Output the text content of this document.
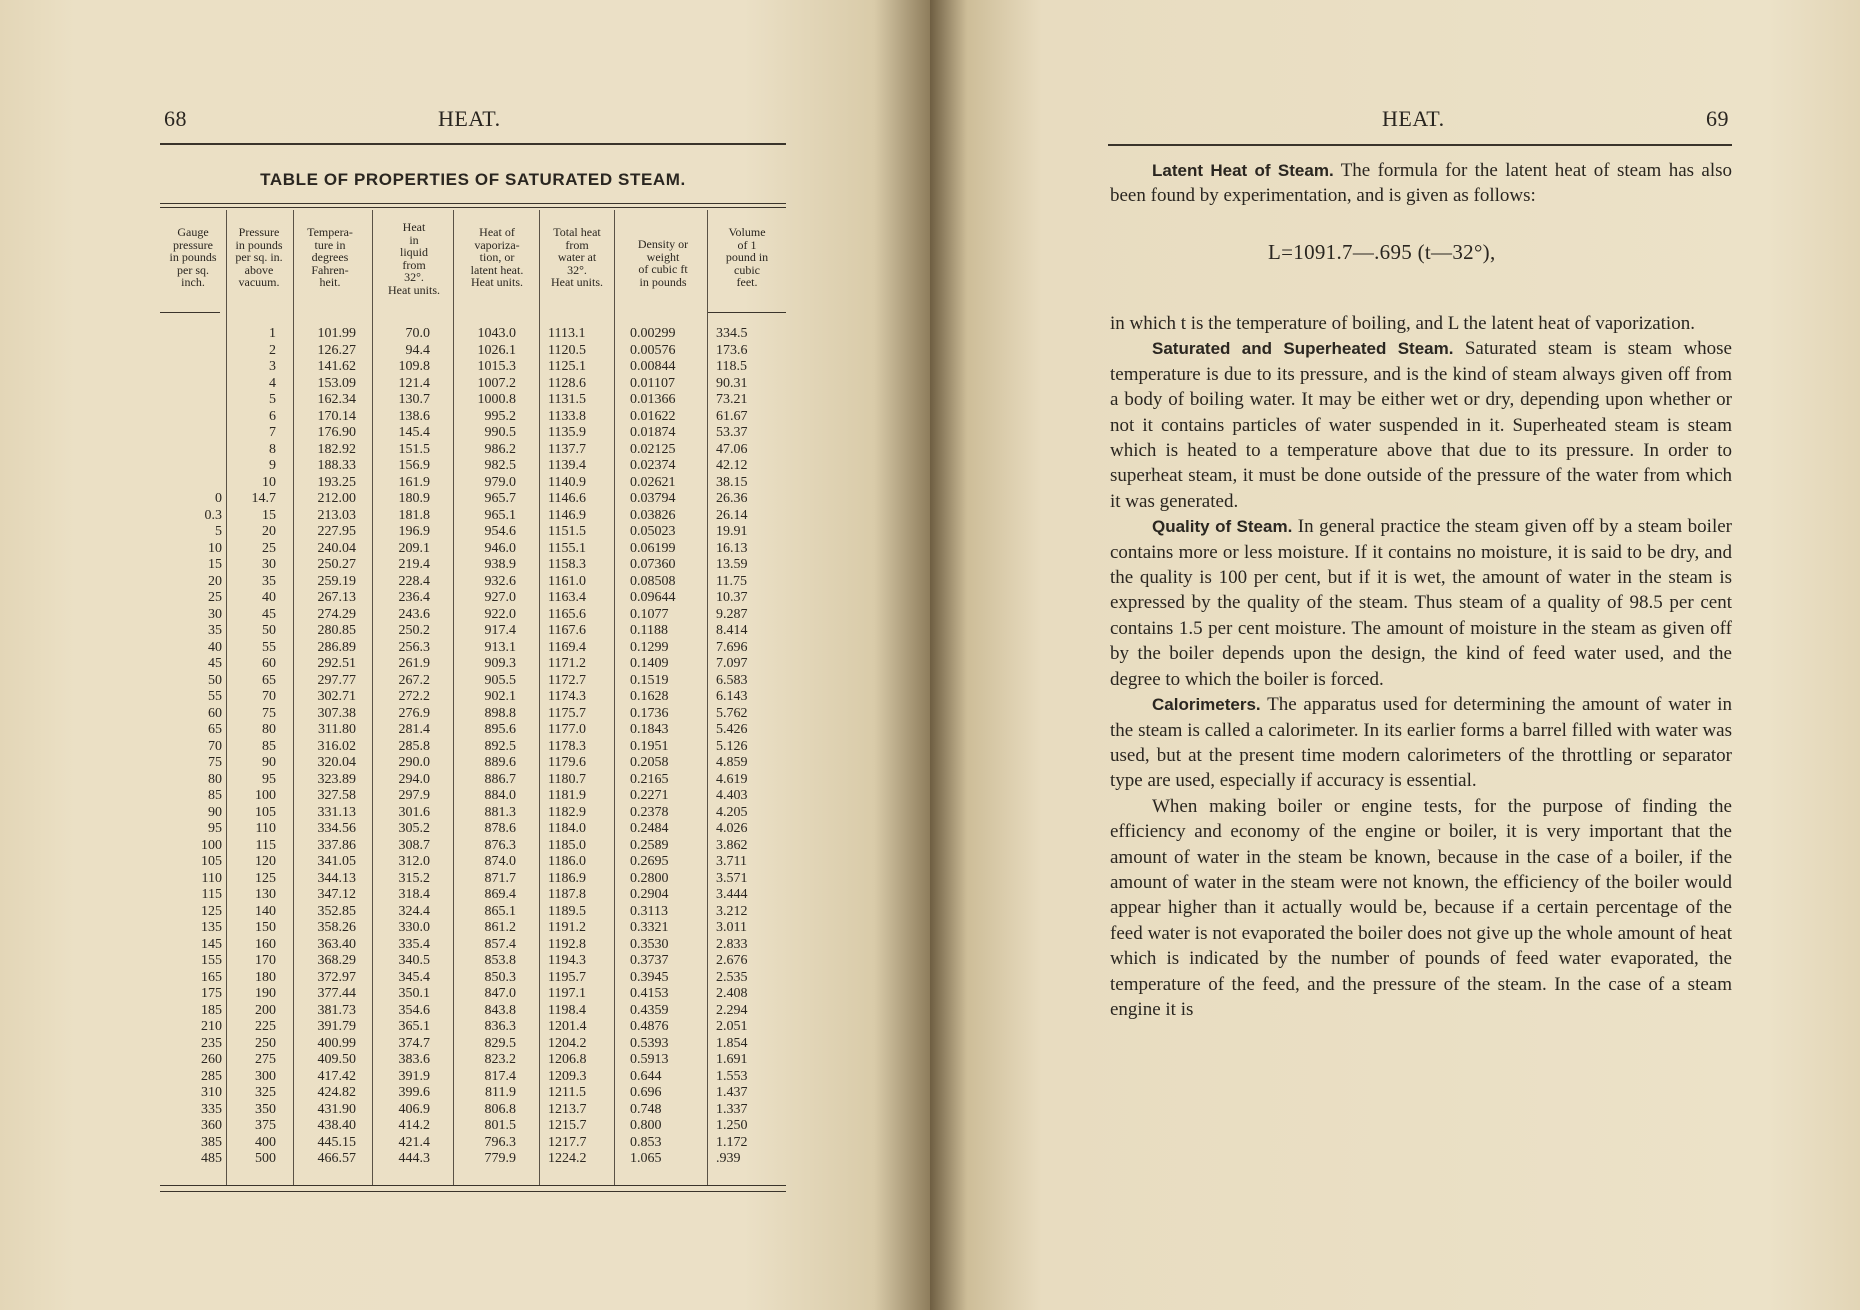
68	HEAT.
TABLE OF PROPERTIES OF SATURATED STEAM.
Gauge
pressure
in pounds
per sq.
inch.
Pressure
in pounds
per sq. in.
above
vacuum.
Tempera-
ture in
degrees
Fahren-
heit.
Heat
in
liquid
from
32°.
Heat units.
Heat of
vaporiza-
tion, or
latent heat.
Heat units.
Total heat
from
water at
32°.
Heat units.
Density or
weight
of cubic ft
in pounds
Volume
of 1
pound in
cubic
feet.
0
0.3
5
10
15
20
25
30
35
40
45
50
55
60
65
70
75
80
85
90
95
100
105
110
115
125
135
145
155
165
175
185
210
235
260
285
310
335
360
385
485
1
2
3
4
5
6
7
8
9
10
14.7
15
20
25
30
35
40
45
50
55
60
65
70
75
80
85
90
95
100
105
110
115
120
125
130
140
150
160
170
180
190
200
225
250
275
300
325
350
375
400
500
101.99
126.27
141.62
153.09
162.34
170.14
176.90
182.92
188.33
193.25
212.00
213.03
227.95
240.04
250.27
259.19
267.13
274.29
280.85
286.89
292.51
297.77
302.71
307.38
311.80
316.02
320.04
323.89
327.58
331.13
334.56
337.86
341.05
344.13
347.12
352.85
358.26
363.40
368.29
372.97
377.44
381.73
391.79
400.99
409.50
417.42
424.82
431.90
438.40
445.15
466.57
70.0
94.4
109.8
121.4
130.7
138.6
145.4
151.5
156.9
161.9
180.9
181.8
196.9
209.1
219.4
228.4
236.4
243.6
250.2
256.3
261.9
267.2
272.2
276.9
281.4
285.8
290.0
294.0
297.9
301.6
305.2
308.7
312.0
315.2
318.4
324.4
330.0
335.4
340.5
345.4
350.1
354.6
365.1
374.7
383.6
391.9
399.6
406.9
414.2
421.4
444.3
1043.0
1026.1
1015.3
1007.2
1000.8
995.2
990.5
986.2
982.5
979.0
965.7
965.1
954.6
946.0
938.9
932.6
927.0
922.0
917.4
913.1
909.3
905.5
902.1
898.8
895.6
892.5
889.6
886.7
884.0
881.3
878.6
876.3
874.0
871.7
869.4
865.1
861.2
857.4
853.8
850.3
847.0
843.8
836.3
829.5
823.2
817.4
811.9
806.8
801.5
796.3
779.9
1113.1
1120.5
1125.1
1128.6
1131.5
1133.8
1135.9
1137.7
1139.4
1140.9
1146.6
1146.9
1151.5
1155.1
1158.3
1161.0
1163.4
1165.6
1167.6
1169.4
1171.2
1172.7
1174.3
1175.7
1177.0
1178.3
1179.6
1180.7
1181.9
1182.9
1184.0
1185.0
1186.0
1186.9
1187.8
1189.5
1191.2
1192.8
1194.3
1195.7
1197.1
1198.4
1201.4
1204.2
1206.8
1209.3
1211.5
1213.7
1215.7
1217.7
1224.2
0.00299
0.00576
0.00844
0.01107
0.01366
0.01622
0.01874
0.02125
0.02374
0.02621
0.03794
0.03826
0.05023
0.06199
0.07360
0.08508
0.09644
0.1077
0.1188
0.1299
0.1409
0.1519
0.1628
0.1736
0.1843
0.1951
0.2058
0.2165
0.2271
0.2378
0.2484
0.2589
0.2695
0.2800
0.2904
0.3113
0.3321
0.3530
0.3737
0.3945
0.4153
0.4359
0.4876
0.5393
0.5913
0.644
0.696
0.748
0.800
0.853
1.065
334.5
173.6
118.5
90.31
73.21
61.67
53.37
47.06
42.12
38.15
26.36
26.14
19.91
16.13
13.59
11.75
10.37
9.287
8.414
7.696
7.097
6.583
6.143
5.762
5.426
5.126
4.859
4.619
4.403
4.205
4.026
3.862
3.711
3.571
3.444
3.212
3.011
2.833
2.676
2.535
2.408
2.294
2.051
1.854
1.691
1.553
1.437
1.337
1.250
1.172
.939
HEAT.	69

Latent Heat of Steam. The formula for the latent heat of steam has also been found by experimentation, and is given as follows:

L=1091.7—.695 (t—32°),

in which t is the temperature of boiling, and L the latent heat of vaporization.

Saturated and Superheated Steam. Saturated steam is steam whose temperature is due to its pressure, and is the kind of steam always given off from a body of boiling water. It may be either wet or dry, depending upon whether or not it contains particles of water suspended in it. Superheated steam is steam which is heated to a temperature above that due to its pressure. In order to superheat steam, it must be done outside of the pressure of the water from which it was generated.

Quality of Steam. In general practice the steam given off by a steam boiler contains more or less moisture. If it contains no moisture, it is said to be dry, and the quality is 100 per cent, but if it is wet, the amount of water in the steam is expressed by the quality of the steam. Thus steam of a quality of 98.5 per cent contains 1.5 per cent moisture. The amount of moisture in the steam as given off by the boiler depends upon the design, the kind of feed water used, and the degree to which the boiler is forced.

Calorimeters. The apparatus used for determining the amount of water in the steam is called a calorimeter. In its earlier forms a barrel filled with water was used, but at the present time modern calorimeters of the throttling or separator type are used, especially if accuracy is essential.

When making boiler or engine tests, for the purpose of finding the efficiency and economy of the engine or boiler, it is very important that the amount of water in the steam be known, because in the case of a boiler, if the amount of water in the steam were not known, the efficiency of the boiler would appear higher than it actually would be, because if a certain percentage of the feed water is not evaporated the boiler does not give up the whole amount of heat which is indicated by the number of pounds of feed water evaporated, the temperature of the feed, and the pressure of the steam. In the case of a steam engine it is
